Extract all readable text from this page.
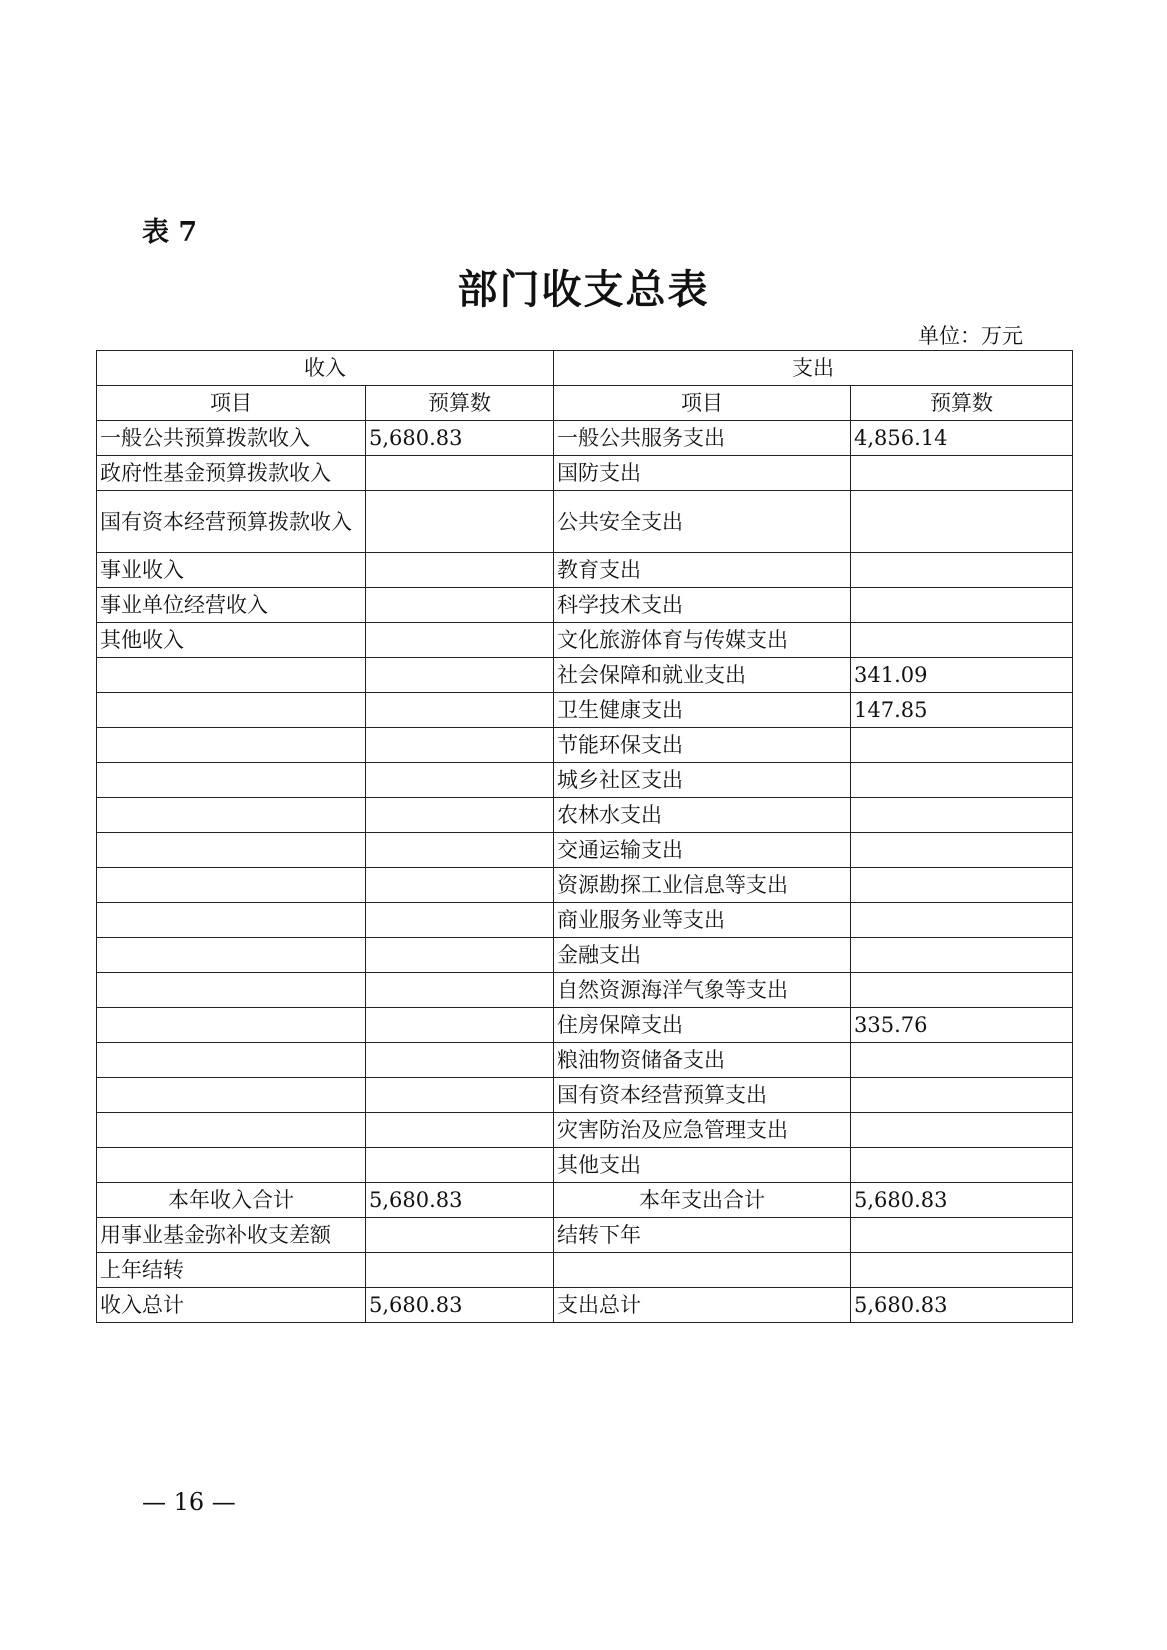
表 7
部门收支总表
单位：万元
收入		支出	
项目	预算数	项目	预算数
一般公共预算拨款收入	5,680.83	一般公共服务支出	4,856.14
政府性基金预算拨款收入		国防支出	
国有资本经营预算拨款收入		公共安全支出	
事业收入		教育支出	
事业单位经营收入		科学技术支出	
其他收入		文化旅游体育与传媒支出	
		社会保障和就业支出	341.09
		卫生健康支出	147.85
		节能环保支出	
		城乡社区支出	
		农林水支出	
		交通运输支出	
		资源勘探工业信息等支出	
		商业服务业等支出	
		金融支出	
		自然资源海洋气象等支出	
		住房保障支出	335.76
		粮油物资储备支出	
		国有资本经营预算支出	
		灾害防治及应急管理支出	
		其他支出	
本年收入合计	5,680.83	本年支出合计	5,680.83
用事业基金弥补收支差额		结转下年	
上年结转			
收入总计	5,680.83	支出总计	5,680.83
— 16 —
